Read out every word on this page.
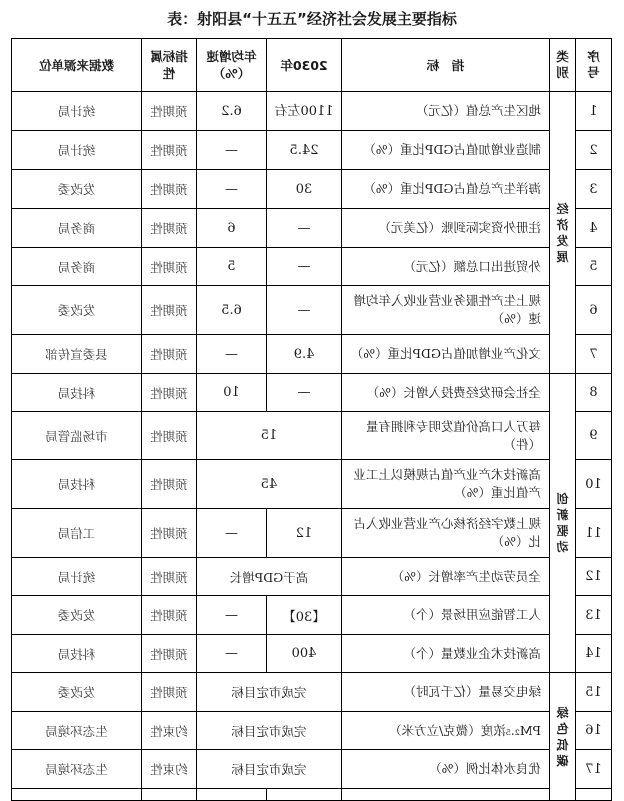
表：射阳县“十五五”经济社会发展主要指标
序号	类别	指　标	2030年	年均增速（%）	指标属性	数据来源单位	
1	经济发展	地区生产总值（亿元）	1100左右	6.2	预期性	统计局	
2		制造业增加值占GDP比重（%）	24.5	—	预期性	统计局	
3		海洋生产总值占GDP比重（%）	30	—	预期性	发改委	
4		注册外资实际到账（亿美元）	—	6	预期性	商务局	
5		外贸进出口总额（亿元）	—	5	预期性	商务局	
6		规上生产性服务业营业收入年均增速（%）	—	6.5	预期性	发改委	
7		文化产业增加值占GDP比重（%）	4.9	—	预期性	县委宣传部	
8	创新驱动	全社会研发经费投入增长（%）	—	10	预期性	科技局	
9		每万人口高价值发明专利拥有量（件）	15		预期性	市场监管局	
10		高新技术产业产值占规模以上工业产值比重（%）	45		预期性	科技局	
11		规上数字经济核心产业营业收入占比（%）	12	—	预期性	工信局	
12		全员劳动生产率增长（%）	高于GDP增长		预期性	统计局	
13		人工智能应用场景（个）	【30】	—	预期性	发改委	
14		高新技术企业数量（个）	400	—	预期性	科技局	
15	绿色低碳	绿电交易量（亿千瓦时）	完成市定目标		预期性	发改委	
16		PM₂.₅浓度（微克/立方米）	完成市定目标		约束性	生态环境局	
17		优良水体比例（%）	完成市定目标		约束性	生态环境局	
